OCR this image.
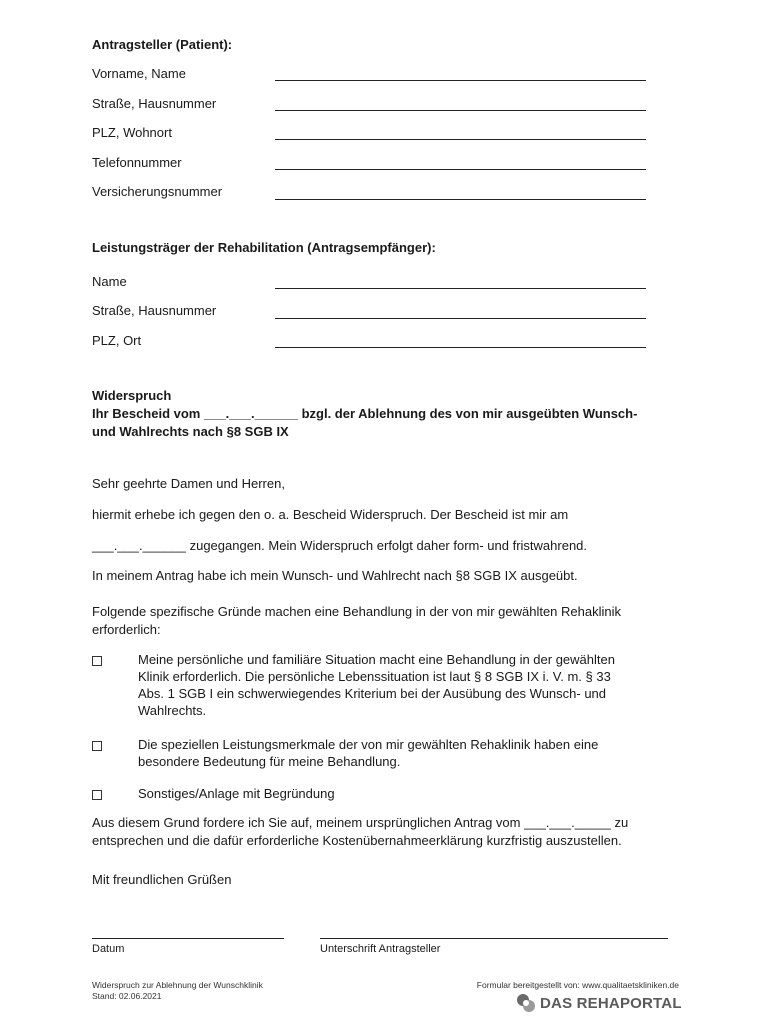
Antragsteller (Patient):
Vorname, Name
Straße, Hausnummer
PLZ, Wohnort
Telefonnummer
Versicherungsnummer
Leistungsträger der Rehabilitation (Antragsempfänger):
Name
Straße, Hausnummer
PLZ, Ort
Widerspruch
Ihr Bescheid vom ___.___.______ bzgl. der Ablehnung des von mir ausgeübten Wunsch-
und Wahlrechts nach §8 SGB IX
Sehr geehrte Damen und Herren,
hiermit erhebe ich gegen den o. a. Bescheid Widerspruch. Der Bescheid ist mir am
___.___.______ zugegangen. Mein Widerspruch erfolgt daher form- und fristwahrend.
In meinem Antrag habe ich mein Wunsch- und Wahlrecht nach §8 SGB IX ausgeübt.
Folgende spezifische Gründe machen eine Behandlung in der von mir gewählten Rehaklinik
erforderlich:
Meine persönliche und familiäre Situation macht eine Behandlung in der gewählten
Klinik erforderlich. Die persönliche Lebenssituation ist laut § 8 SGB IX i. V. m. § 33
Abs. 1 SGB I ein schwerwiegendes Kriterium bei der Ausübung des Wunsch- und
Wahlrechts.
Die speziellen Leistungsmerkmale der von mir gewählten Rehaklinik haben eine
besondere Bedeutung für meine Behandlung.
Sonstiges/Anlage mit Begründung
Aus diesem Grund fordere ich Sie auf, meinem ursprünglichen Antrag vom ___.___._____ zu
entsprechen und die dafür erforderliche Kostenübernahmeerklärung kurzfristig auszustellen.
Mit freundlichen Grüßen
Datum	Unterschrift Antragsteller
Widerspruch zur Ablehnung der Wunschklinik
Stand: 02.06.2021
Formular bereitgestellt von: www.qualitaetskliniken.de
DAS REHAPORTAL
